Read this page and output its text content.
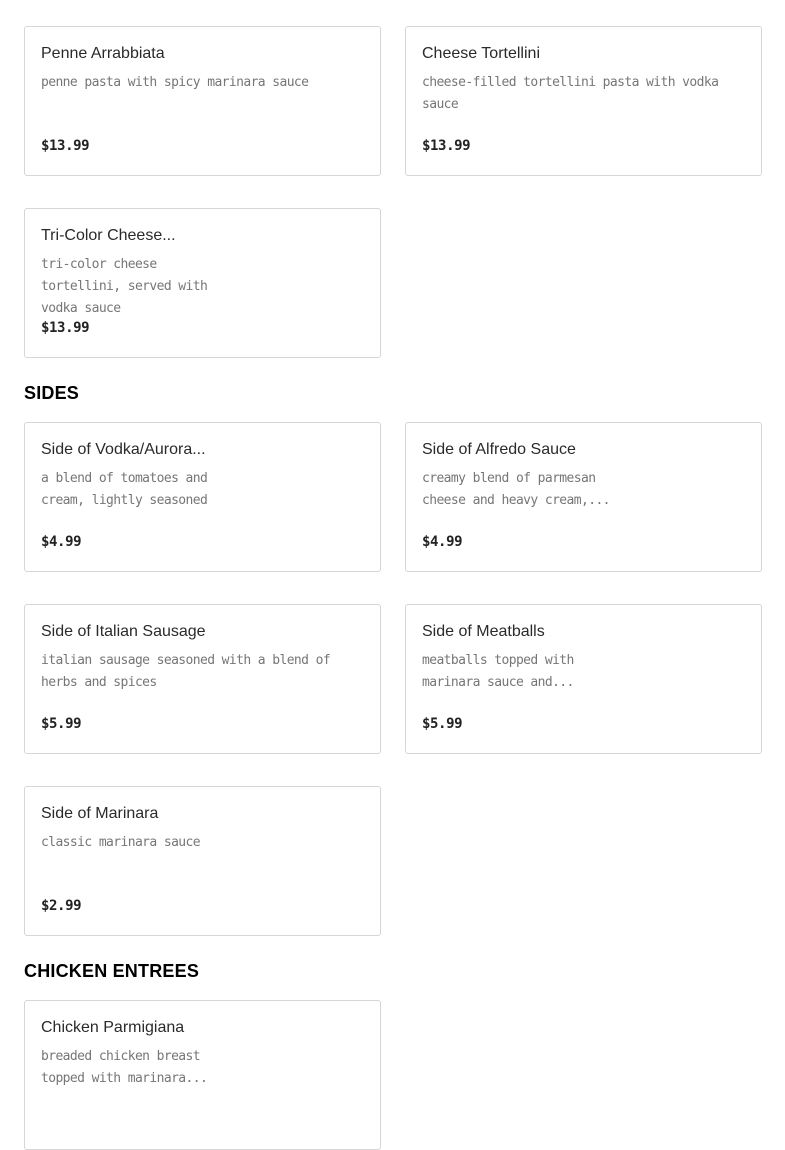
Penne Arrabbiata
penne pasta with spicy marinara sauce
$13.99
Cheese Tortellini
cheese-filled tortellini pasta with vodka sauce
$13.99
Tri-Color Cheese...
tri-color cheese tortellini, served with vodka sauce
$13.99
SIDES
Side of Vodka/Aurora...
a blend of tomatoes and cream, lightly seasoned
$4.99
Side of Alfredo Sauce
creamy blend of parmesan cheese and heavy cream,...
$4.99
Side of Italian Sausage
italian sausage seasoned with a blend of herbs and spices
$5.99
Side of Meatballs
meatballs topped with marinara sauce and...
$5.99
Side of Marinara
classic marinara sauce
$2.99
CHICKEN ENTREES
Chicken Parmigiana
breaded chicken breast topped with marinara...
